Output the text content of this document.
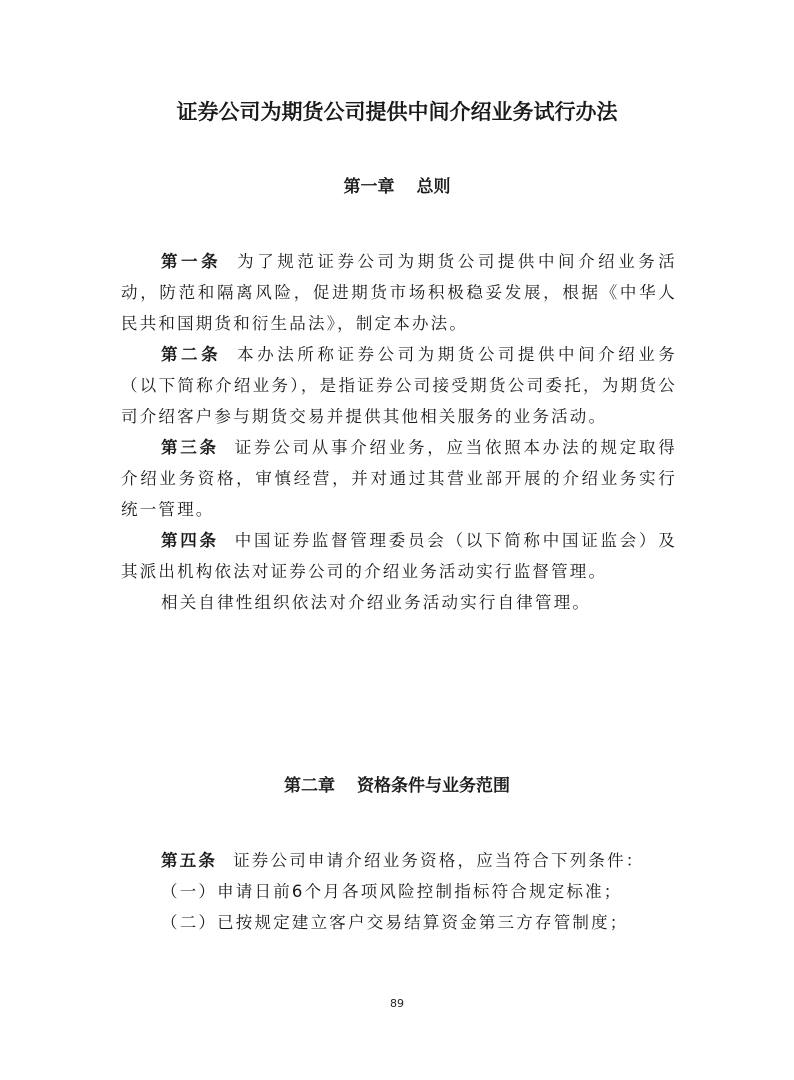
证券公司为期货公司提供中间介绍业务试行办法
第一章 总则

第一条 为了规范证券公司为期货公司提供中间介绍业务活动，防范和隔离风险，促进期货市场积极稳妥发展，根据《中华人民共和国期货和衍生品法》，制定本办法。

第二条 本办法所称证券公司为期货公司提供中间介绍业务（以下简称介绍业务），是指证券公司接受期货公司委托，为期货公司介绍客户参与期货交易并提供其他相关服务的业务活动。

第三条 证券公司从事介绍业务，应当依照本办法的规定取得介绍业务资格，审慎经营，并对通过其营业部开展的介绍业务实行统一管理。

第四条 中国证券监督管理委员会（以下简称中国证监会）及其派出机构依法对证券公司的介绍业务活动实行监督管理。

相关自律性组织依法对介绍业务活动实行自律管理。

第二章 资格条件与业务范围

第五条 证券公司申请介绍业务资格，应当符合下列条件：

（一）申请日前6个月各项风险控制指标符合规定标准；

（二）已按规定建立客户交易结算资金第三方存管制度；

89
